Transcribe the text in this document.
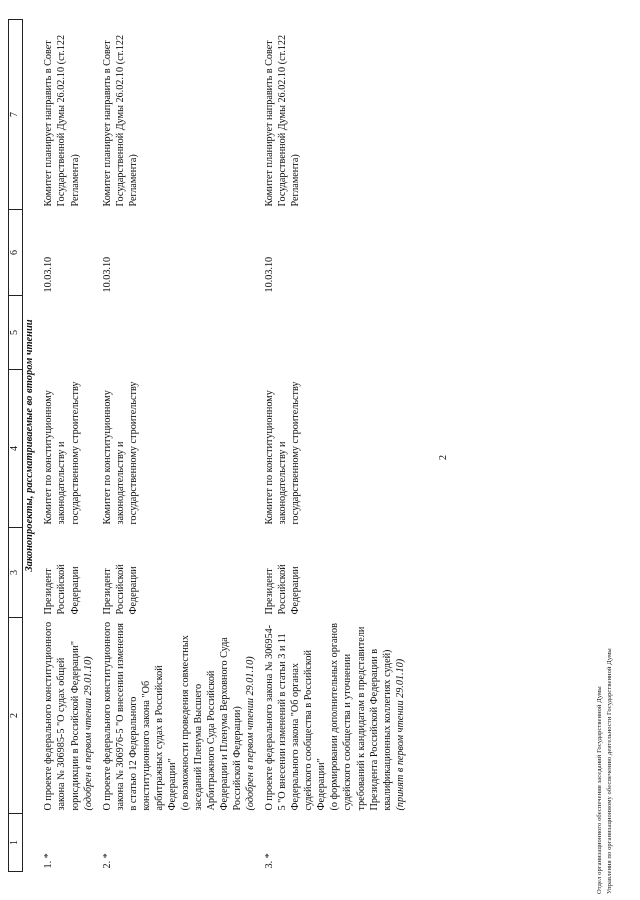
1	2	3	4	5	6	7
Законопроекты, рассматриваемые во втором чтении						
1. *	О проекте федерального конституционного закона № 306985-5 "О судах общей юрисдикции в Российской Федерации" (одобрен в первом чтении 29.01.10)	Президент Российской Федерации	Комитет по конституционному законодательству и государственному строительству		10.03.10	Комитет планирует направить в Совет Государственной Думы 26.02.10 (ст.122 Регламента)
2. *	О проекте федерального конституционного закона № 306976-5 "О внесении изменения в статью 12 Федерального конституционного закона "Об арбитражных судах в Российской Федерации" (о возможности проведения совместных заседаний Пленума Высшего Арбитражного Суда Российской Федерации и Пленума Верховного Суда Российской Федерации) (одобрен в первом чтении 29.01.10)	Президент Российской Федерации	Комитет по конституционному законодательству и государственному строительству		10.03.10	Комитет планирует направить в Совет Государственной Думы 26.02.10 (ст.122 Регламента)
3. *	О проекте федерального закона № 306954-5 "О внесении изменений в статьи 3 и 11 Федерального закона "Об органах судейского сообщества в Российской Федерации" (о формировании дополнительных органов судейского сообщества и уточнении требований к кандидатам в представители Президента Российской Федерации в квалификационных коллегиях судей) (принят в первом чтении 29.01.10)	Президент Российской Федерации	Комитет по конституционному законодательству и государственному строительству		10.03.10	Комитет планирует направить в Совет Государственной Думы 26.02.10 (ст.122 Регламента)
2
Отдел организационного обеспечения заседаний Государственной Думы Управления по организационному обеспечению деятельности Государственной Думы
